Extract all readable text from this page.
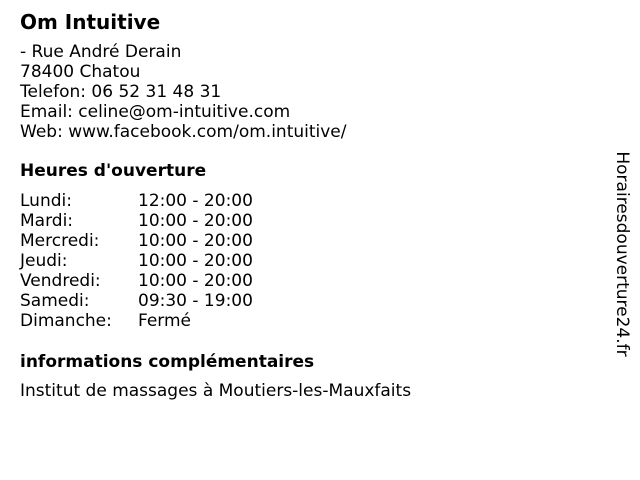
Om Intuitive
- Rue André Derain
78400 Chatou
Telefon: 06 52 31 48 31
Email: celine@om-intuitive.com
Web: www.facebook.com/om.intuitive/
Heures d'ouverture
Lundi:	12:00 - 20:00
Mardi:	10:00 - 20:00
Mercredi:	10:00 - 20:00
Jeudi:	10:00 - 20:00
Vendredi:	10:00 - 20:00
Samedi:	09:30 - 19:00
Dimanche:	Fermé
informations complémentaires
Institut de massages à Moutiers-les-Mauxfaits
Horairesdouverture24.fr
